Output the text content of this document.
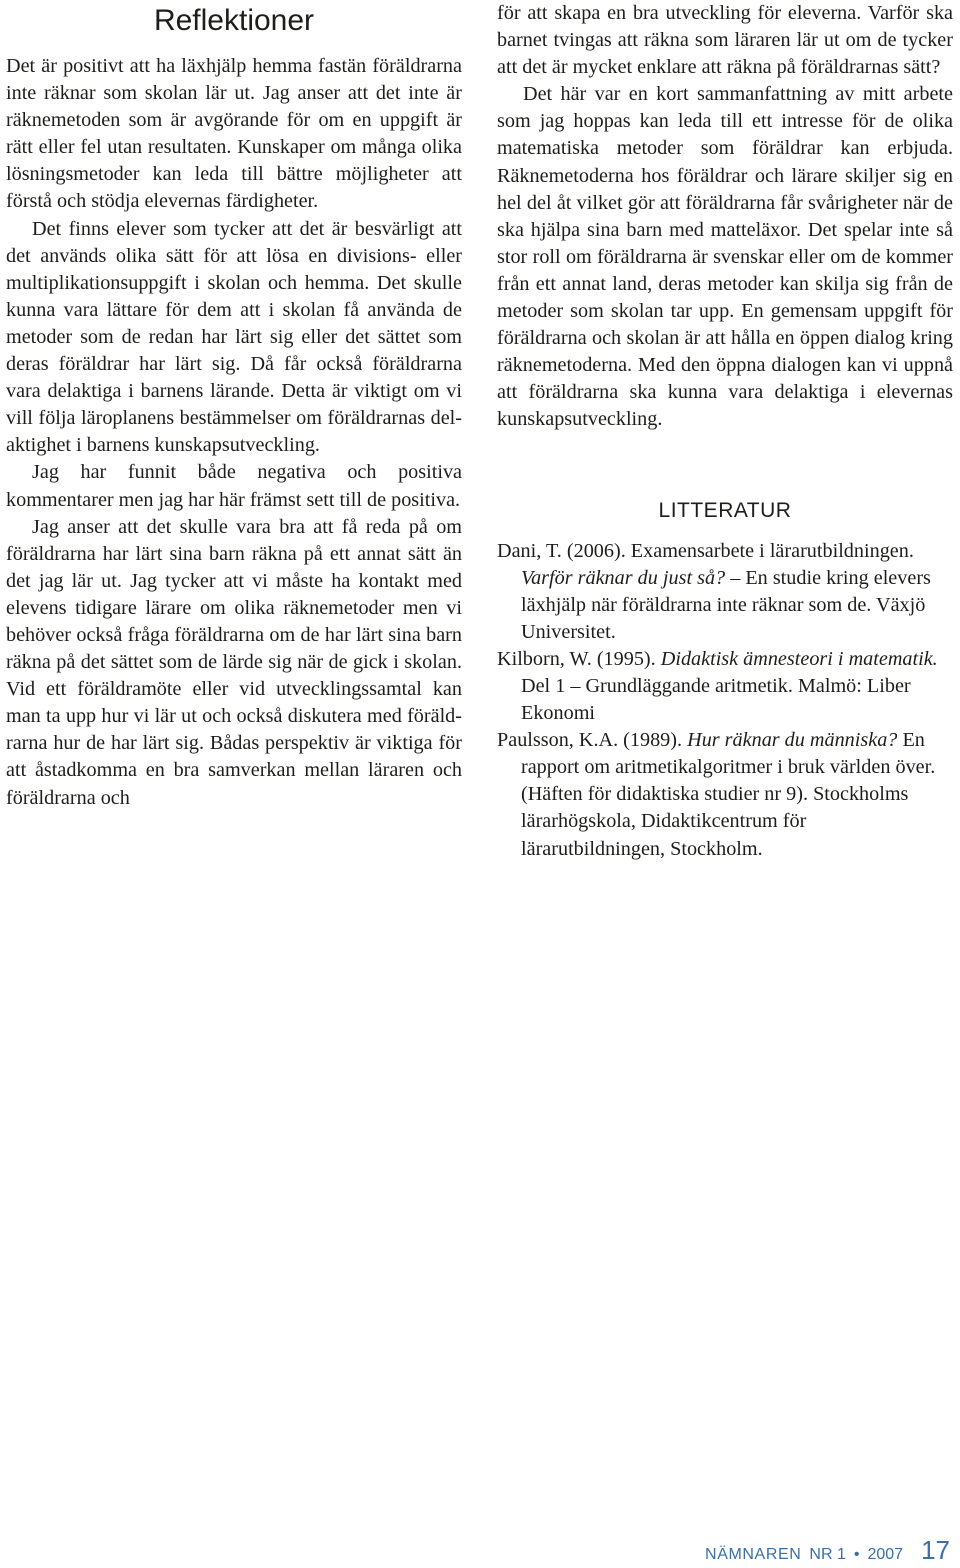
Reflektioner

Det är positivt att ha läxhjälp hemma fastän föräldrarna inte räknar som skolan lär ut. Jag anser att det inte är räknemetoden som är avgörande för om en uppgift är rätt eller fel utan resultaten. Kunskaper om många olika lösningsmetoder kan leda till bättre möjligheter att förstå och stödja elevernas färdigheter.

Det finns elever som tycker att det är besvärligt att det används olika sätt för att lösa en divisions- eller multiplikationsuppgift i skolan och hemma. Det skulle kunna vara lättare för dem att i skolan få använda de metoder som de redan har lärt sig eller det sättet som deras föräldrar har lärt sig. Då får också föräldrarna vara delaktiga i barnens lärande. Detta är viktigt om vi vill följa läroplanens bestämmelser om föräldrarnas delaktighet i barnens kunskapsutveckling.

Jag har funnit både negativa och positiva kommentarer men jag har här främst sett till de positiva.

Jag anser att det skulle vara bra att få reda på om föräldrarna har lärt sina barn räkna på ett annat sätt än det jag lär ut. Jag tycker att vi måste ha kontakt med elevens tidigare lärare om olika räknemetoder men vi behöver också fråga föräldrarna om de har lärt sina barn räkna på det sättet som de lärde sig när de gick i skolan. Vid ett föräldramöte eller vid utvecklingssamtal kan man ta upp hur vi lär ut och också diskutera med föräldrarna hur de har lärt sig. Bådas perspektiv är viktiga för att åstadkomma en bra samverkan mellan läraren och föräldrarna och

för att skapa en bra utveckling för eleverna. Varför ska barnet tvingas att räkna som läraren lär ut om de tycker att det är mycket enklare att räkna på föräldrarnas sätt?

Det här var en kort sammanfattning av mitt arbete som jag hoppas kan leda till ett intresse för de olika matematiska metoder som föräldrar kan erbjuda. Räknemetoderna hos föräldrar och lärare skiljer sig en hel del åt vilket gör att föräldrarna får svårigheter när de ska hjälpa sina barn med matteläxor. Det spelar inte så stor roll om föräldrarna är svenskar eller om de kommer från ett annat land, deras metoder kan skilja sig från de metoder som skolan tar upp. En gemensam uppgift för föräldrarna och skolan är att hålla en öppen dialog kring räknemetoderna. Med den öppna dialogen kan vi uppnå att föräldrarna ska kunna vara delaktiga i elevernas kunskapsutveckling.

LITTERATUR
Dani, T. (2006). Examensarbete i lärarutbildningen. Varför räknar du just så? – En studie kring elevers läxhjälp när föräldrarna inte räknar som de. Växjö Universitet.
Kilborn, W. (1995). Didaktisk ämnesteori i matematik. Del 1 – Grundläggande aritmetik. Malmö: Liber Ekonomi
Paulsson, K.A. (1989). Hur räknar du människa? En rapport om aritmetikalgoritmer i bruk världen över. (Häften för didaktiska studier nr 9). Stockholms lärarhögskola, Didaktikcentrum för lärarutbildningen, Stockholm.
NÄMNAREN NR 1 • 2007 17
